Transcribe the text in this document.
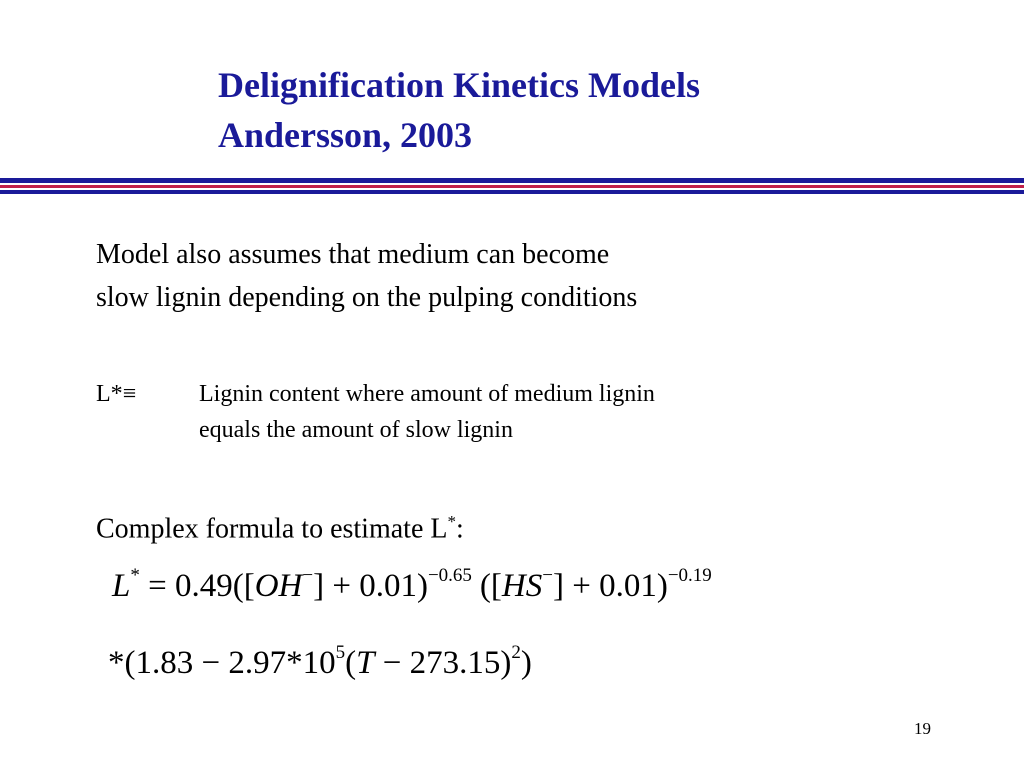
Delignification Kinetics Models
Andersson, 2003

Model also assumes that medium can become
slow lignin depending on the pulping conditions

L*≡	Lignin content where amount of medium lignin
equals the amount of slow lignin

Complex formula to estimate L*:

$L^* = 0.49([OH^-] + 0.01)^{-0.65}$ $([HS^-] + 0.01)^{-0.19}$
$*(1.83 - 2.97*10^5(T - 273.15)^2)$
19
